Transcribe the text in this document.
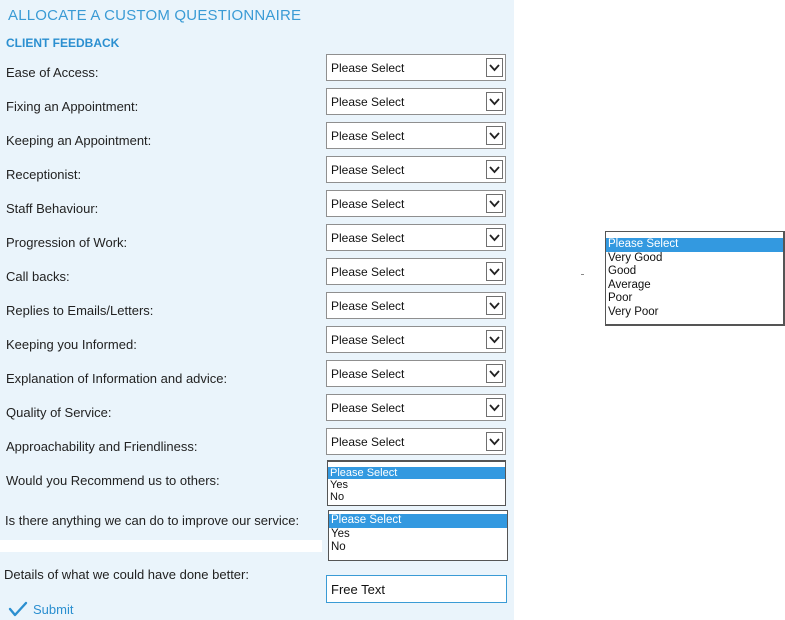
ALLOCATE A CUSTOM QUESTIONNAIRE
CLIENT FEEDBACK
Ease of Access:	Please Select
Fixing an Appointment:	Please Select
Keeping an Appointment:	Please Select
Receptionist:	Please Select
Staff Behaviour:	Please Select
Progression of Work:	Please Select
Call backs:	Please Select
Replies to Emails/Letters:	Please Select
Keeping you Informed:	Please Select
Explanation of Information and advice:	Please Select
Quality of Service:	Please Select
Approachability and Friendliness:	Please Select
Would you Recommend us to others:	Please Select
Yes
No
Is there anything we can do to improve our service:	Please Select
Yes
No
Details of what we could have done better:
Free Text
Submit
Please Select
Very Good
Good
Average
Poor
Very Poor
